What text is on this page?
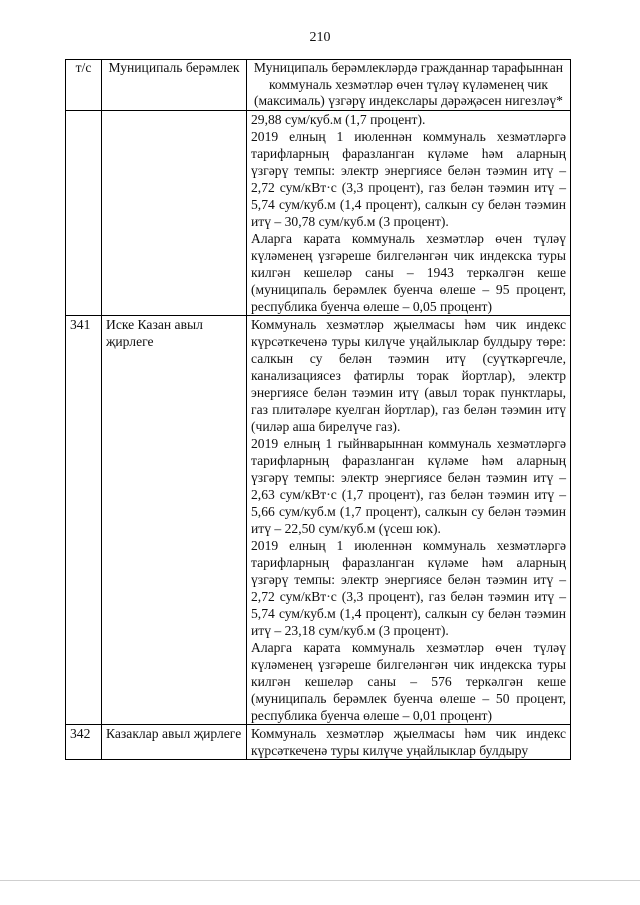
210
т/с	Муниципаль берәмлек	Муниципаль берәмлекләрдә гражданнар тарафыннан коммуналь хезмәтләр өчен түләү күләменең чик (максималь) үзгәрү индекслары дәрәҗәсен нигезләү*

		29,88 сум/куб.м (1,7 процент).

2019 елның 1 июленнән коммуналь хезмәтләргә тарифларның фаразланган күләме һәм аларның үзгәрү темпы: электр энергиясе белән тәэмин итү – 2,72 сум/кВт·с (3,3 процент), газ белән тәэмин итү – 5,74 сум/куб.м (1,4 процент), салкын су белән тәэмин итү – 30,78 сум/куб.м (3 процент).

Аларга карата коммуналь хезмәтләр өчен түләү күләменең үзгәреше билгеләнгән чик индекска туры килгән кешеләр саны – 1943 теркәлгән кеше (муниципаль берәмлек буенча өлеше – 95 процент, республика буенча өлеше – 0,05 процент)

341	Иске Казан авыл җирлеге	Коммуналь хезмәтләр җыелмасы һәм чик индекс күрсәткеченә туры килүче уңайлыклар булдыру төре: салкын су белән тәэмин итү (суүткәргечле, канализациясез фатирлы торак йортлар), электр энергиясе белән тәэмин итү (авыл торак пунктлары, газ плитәләре куелган йортлар), газ белән тәэмин итү (чиләр аша бирелүче газ).

2019 елның 1 гыйнварыннан коммуналь хезмәтләргә тарифларның фаразланган күләме һәм аларның үзгәрү темпы: электр энергиясе белән тәэмин итү – 2,63 сум/кВт·с (1,7 процент), газ белән тәэмин итү – 5,66 сум/куб.м (1,7 процент), салкын су белән тәэмин итү – 22,50 сум/куб.м (үсеш юк).

2019 елның 1 июленнән коммуналь хезмәтләргә тарифларның фаразланган күләме һәм аларның үзгәрү темпы: электр энергиясе белән тәэмин итү – 2,72 сум/кВт·с (3,3 процент), газ белән тәэмин итү – 5,74 сум/куб.м (1,4 процент), салкын су белән тәэмин итү – 23,18 сум/куб.м (3 процент).

Аларга карата коммуналь хезмәтләр өчен түләү күләменең үзгәреше билгеләнгән чик индекска туры килгән кешеләр саны – 576 теркәлгән кеше (муниципаль берәмлек буенча өлеше – 50 процент, республика буенча өлеше – 0,01 процент)

342	Казаклар авыл җирлеге	Коммуналь хезмәтләр җыелмасы һәм чик индекс күрсәткеченә туры килүче уңайлыклар булдыру
